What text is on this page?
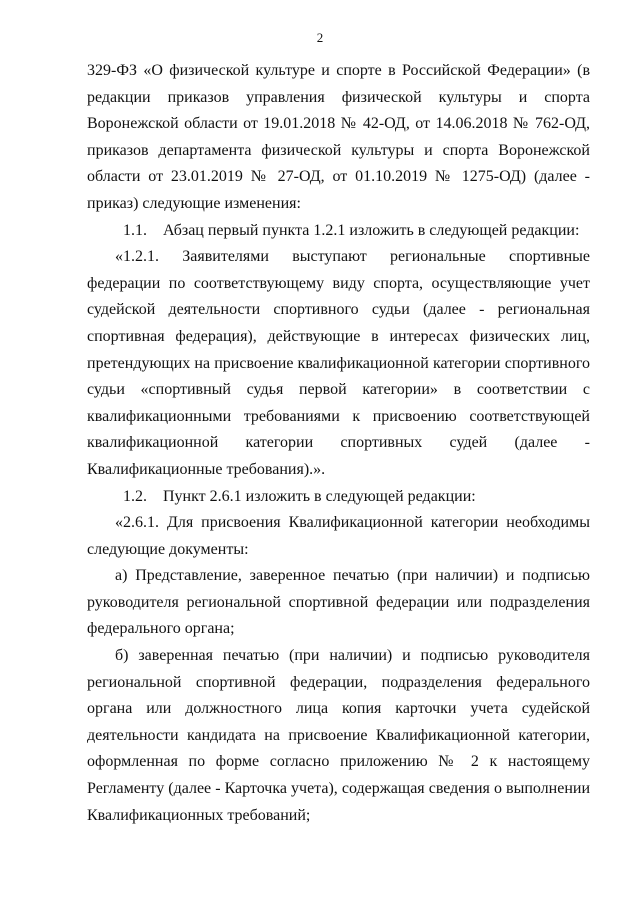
2

329-ФЗ «О физической культуре и спорте в Российской Федерации» (в редакции приказов управления физической культуры и спорта Воронежской области от 19.01.2018 № 42-ОД, от 14.06.2018 № 762-ОД, приказов департамента физической культуры и спорта Воронежской области от 23.01.2019 № 27-ОД, от 01.10.2019 № 1275-ОД) (далее - приказ) следующие изменения:

1.1.    Абзац первый пункта 1.2.1 изложить в следующей редакции:

«1.2.1. Заявителями выступают региональные спортивные федерации по соответствующему виду спорта, осуществляющие учет судейской деятельности спортивного судьи (далее - региональная спортивная федерация), действующие в интересах физических лиц, претендующих на присвоение квалификационной категории спортивного судьи «спортивный судья первой категории» в соответствии с квалификационными требованиями к присвоению соответствующей квалификационной категории спортивных судей (далее - Квалификационные требования).».

1.2.    Пункт 2.6.1 изложить в следующей редакции:

«2.6.1. Для присвоения Квалификационной категории необходимы следующие документы:

а) Представление, заверенное печатью (при наличии) и подписью руководителя региональной спортивной федерации или подразделения федерального органа;

б) заверенная печатью (при наличии) и подписью руководителя региональной спортивной федерации, подразделения федерального органа или должностного лица копия карточки учета судейской деятельности кандидата на присвоение Квалификационной категории, оформленная по форме согласно приложению № 2 к настоящему Регламенту (далее - Карточка учета), содержащая сведения о выполнении Квалификационных требований;
